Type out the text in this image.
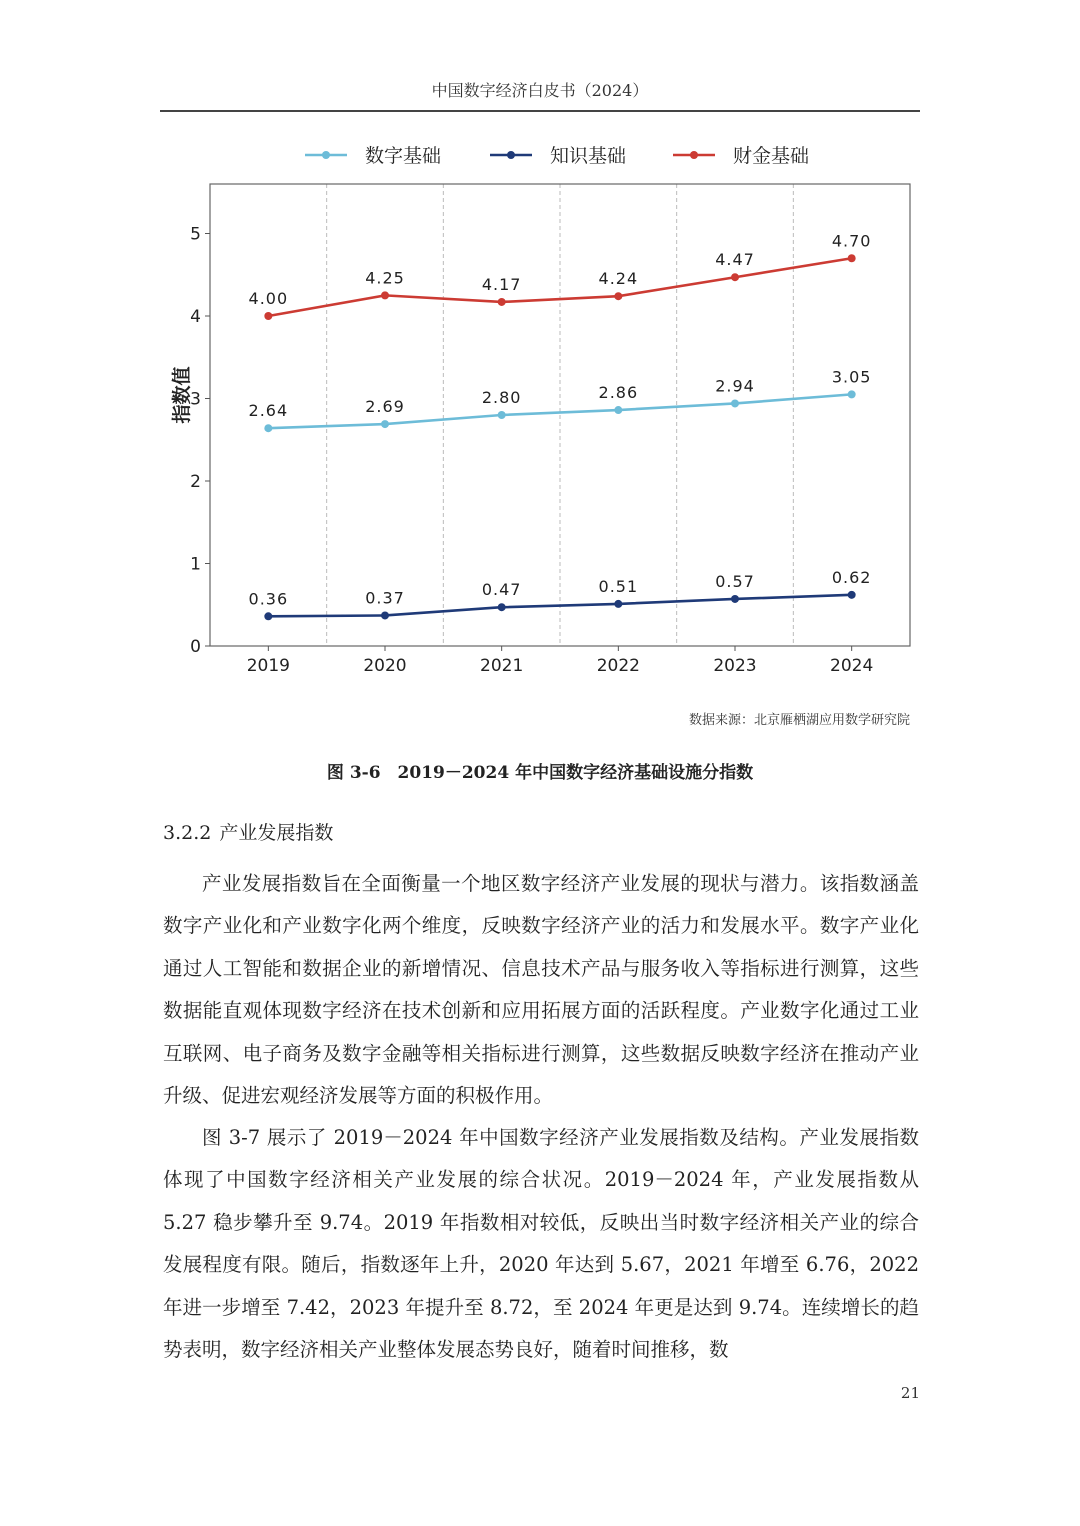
中国数字经济白皮书（2024）
0
1
2
3
4
5
2019	2020	2021	2022	2023	2024
指数值	2.64	2.69	2.80	2.86	2.94	3.05
0.36	0.37	0.47	0.51	0.57	0.62
4.00
4.25	4.17	4.24
4.47
4.70
数字基础	知识基础	财金基础
数据来源：北京雁栖湖应用数学研究院
图 3-6　2019－2024 年中国数字经济基础设施分指数
3.2.2 产业发展指数

产业发展指数旨在全面衡量一个地区数字经济产业发展的现状与潜力。该指数涵盖数字产业化和产业数字化两个维度，反映数字经济产业的活力和发展水平。数字产业化通过人工智能和数据企业的新增情况、信息技术产品与服务收入等指标进行测算，这些数据能直观体现数字经济在技术创新和应用拓展方面的活跃程度。产业数字化通过工业互联网、电子商务及数字金融等相关指标进行测算，这些数据反映数字经济在推动产业升级、促进宏观经济发展等方面的积极作用。

图 3-7 展示了 2019－2024 年中国数字经济产业发展指数及结构。产业发展指数体现了中国数字经济相关产业发展的综合状况。2019－2024 年，产业发展指数从 5.27 稳步攀升至 9.74。2019 年指数相对较低，反映出当时数字经济相关产业的综合发展程度有限。随后，指数逐年上升，2020 年达到 5.67，2021 年增至 6.76，2022 年进一步增至 7.42，2023 年提升至 8.72，至 2024 年更是达到 9.74。连续增长的趋势表明，数字经济相关产业整体发展态势良好，随着时间推移，数

21
